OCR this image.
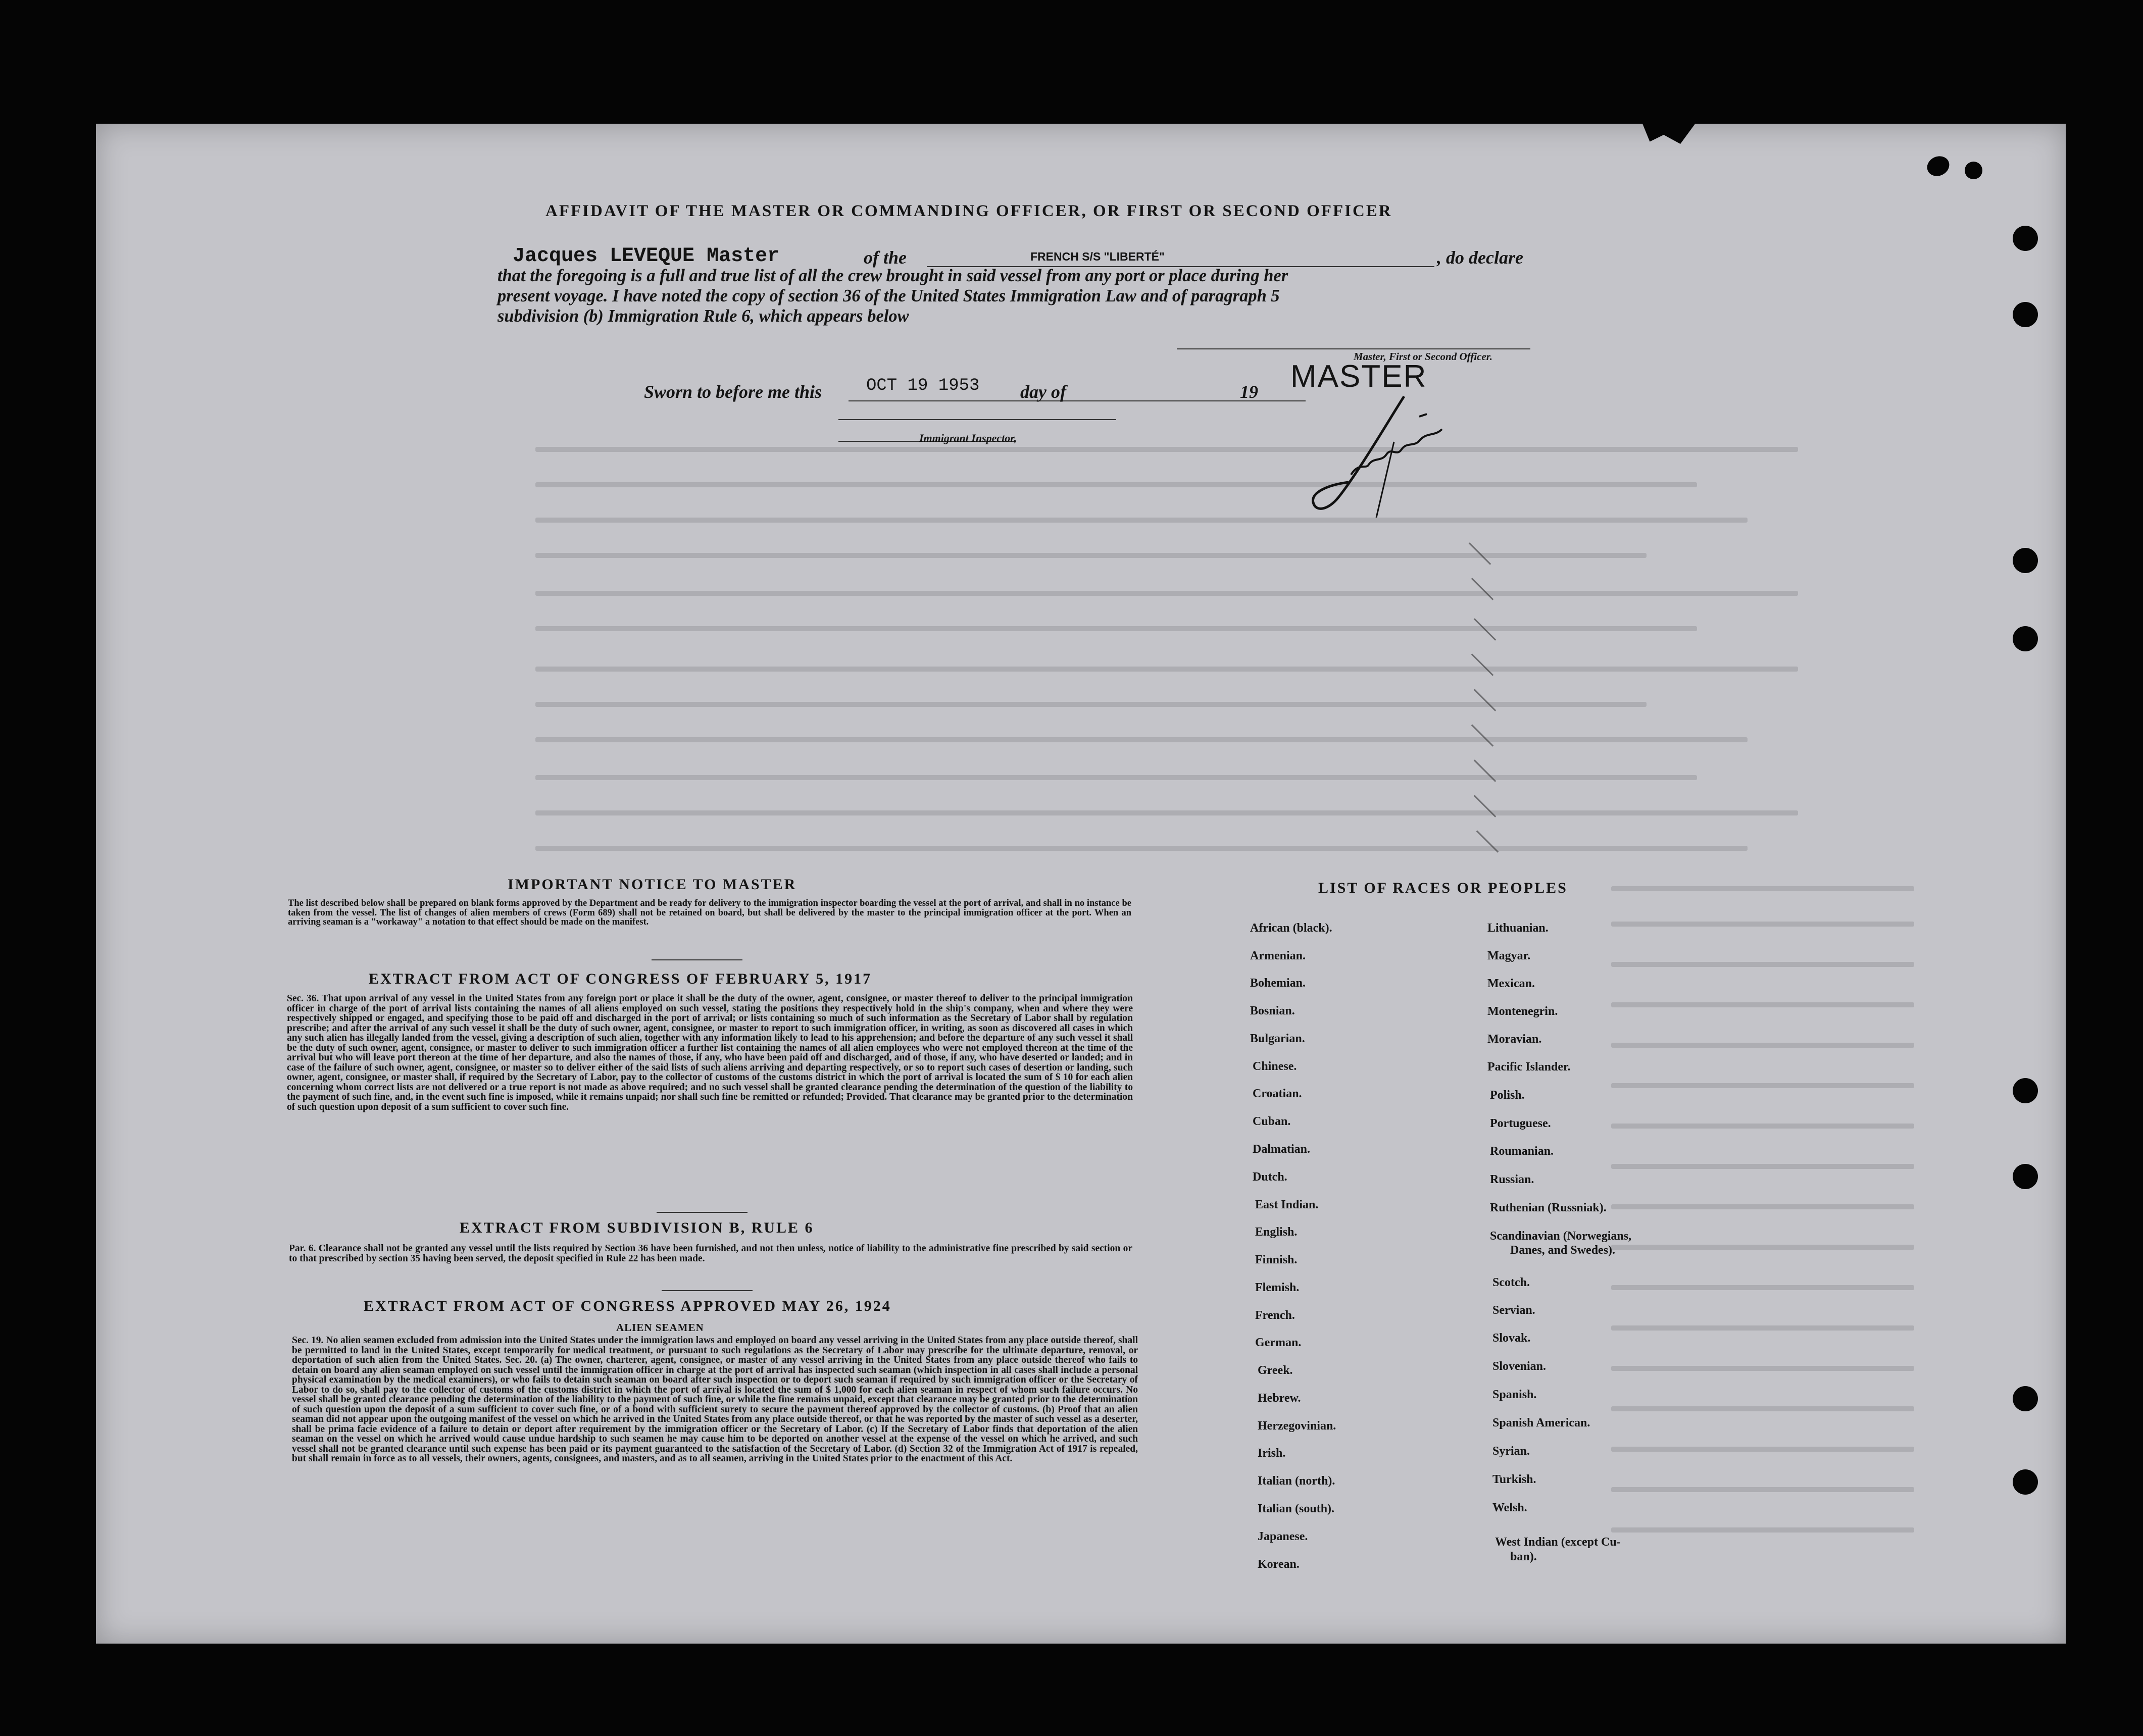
AFFIDAVIT OF THE MASTER OR COMMANDING OFFICER, OR FIRST OR SECOND OFFICER
Jacques LEVEQUE Master	of the	FRENCH S/S "LIBERTÉ"	, do declare
that the foregoing is a full and true list of all the crew brought in said vessel from any port or place during her
present voyage. I have noted the copy of section 36 of the United States Immigration Law and of paragraph 5
subdivision (b) Immigration Rule 6, which appears below
Master, First or Second Officer.
MASTER
Sworn to before me this	OCT 19 1953 day of	19
Immigrant Inspector,
IMPORTANT NOTICE TO MASTER
The list described below shall be prepared on blank forms approved by the Department and be ready for delivery to the immigration inspector boarding the vessel at the port of arrival, and shall in no instance be taken from the vessel. The list of changes of alien members of crews (Form 689) shall not be retained on board, but shall be delivered by the master to the principal immigration officer at the port. When an arriving seaman is a "workaway" a notation to that effect should be made on the manifest.
EXTRACT FROM ACT OF CONGRESS OF FEBRUARY 5, 1917
Sec. 36. That upon arrival of any vessel in the United States from any foreign port or place it shall be the duty of the owner, agent, consignee, or master thereof to deliver to the principal immigration officer in charge of the port of arrival lists containing the names of all aliens employed on such vessel, stating the positions they respectively hold in the ship's company, when and where they were respectively shipped or engaged, and specifying those to be paid off and discharged in the port of arrival; or lists containing so much of such information as the Secretary of Labor shall by regulation prescribe; and after the arrival of any such vessel it shall be the duty of such owner, agent, consignee, or master to report to such immigration officer, in writing, as soon as discovered all cases in which any such alien has illegally landed from the vessel, giving a description of such alien, together with any information likely to lead to his apprehension; and before the departure of any such vessel it shall be the duty of such owner, agent, consignee, or master to deliver to such immigration officer a further list containing the names of all alien employees who were not employed thereon at the time of the arrival but who will leave port thereon at the time of her departure, and also the names of those, if any, who have been paid off and discharged, and of those, if any, who have deserted or landed; and in case of the failure of such owner, agent, consignee, or master so to deliver either of the said lists of such aliens arriving and departing respectively, or so to report such cases of desertion or landing, such owner, agent, consignee, or master shall, if required by the Secretary of Labor, pay to the collector of customs of the customs district in which the port of arrival is located the sum of $ 10 for each alien concerning whom correct lists are not delivered or a true report is not made as above required; and no such vessel shall be granted clearance pending the determination of the question of the liability to the payment of such fine, and, in the event such fine is imposed, while it remains unpaid; nor shall such fine be remitted or refunded; Provided. That clearance may be granted prior to the determination of such question upon deposit of a sum sufficient to cover such fine.
EXTRACT FROM SUBDIVISION B, RULE 6
Par. 6. Clearance shall not be granted any vessel until the lists required by Section 36 have been furnished, and not then unless, notice of liability to the administrative fine prescribed by said section or to that prescribed by section 35 having been served, the deposit specified in Rule 22 has been made.
EXTRACT FROM ACT OF CONGRESS APPROVED MAY 26, 1924
ALIEN SEAMEN
Sec. 19. No alien seamen excluded from admission into the United States under the immigration laws and employed on board any vessel arriving in the United States from any place outside thereof, shall be permitted to land in the United States, except temporarily for medical treatment, or pursuant to such regulations as the Secretary of Labor may prescribe for the ultimate departure, removal, or deportation of such alien from the United States. Sec. 20. (a) The owner, charterer, agent, consignee, or master of any vessel arriving in the United States from any place outside thereof who fails to detain on board any alien seaman employed on such vessel until the immigration officer in charge at the port of arrival has inspected such seaman (which inspection in all cases shall include a personal physical examination by the medical examiners), or who fails to detain such seaman on board after such inspection or to deport such seaman if required by such immigration officer or the Secretary of Labor to do so, shall pay to the collector of customs of the customs district in which the port of arrival is located the sum of $ 1,000 for each alien seaman in respect of whom such failure occurs. No vessel shall be granted clearance pending the determination of the liability to the payment of such fine, or while the fine remains unpaid, except that clearance may be granted prior to the determination of such question upon the deposit of a sum sufficient to cover such fine, or of a bond with sufficient surety to secure the payment thereof approved by the collector of customs. (b) Proof that an alien seaman did not appear upon the outgoing manifest of the vessel on which he arrived in the United States from any place outside thereof, or that he was reported by the master of such vessel as a deserter, shall be prima facie evidence of a failure to detain or deport after requirement by the immigration officer or the Secretary of Labor. (c) If the Secretary of Labor finds that deportation of the alien seaman on the vessel on which he arrived would cause undue hardship to such seamen he may cause him to be deported on another vessel at the expense of the vessel on which he arrived, and such vessel shall not be granted clearance until such expense has been paid or its payment guaranteed to the satisfaction of the Secretary of Labor. (d) Section 32 of the Immigration Act of 1917 is repealed, but shall remain in force as to all vessels, their owners, agents, consignees, and masters, and as to all seamen, arriving in the United States prior to the enactment of this Act.
LIST OF RACES OR PEOPLES
African (black).
Armenian.
Bohemian.
Bosnian.
Bulgarian.
Chinese.
Croatian.
Cuban.
Dalmatian.
Dutch.
East Indian.
English.
Finnish.
Flemish.
French.
German.
Greek.
Hebrew.
Herzegovinian.
Irish.
Italian (north).
Italian (south).
Japanese.
Korean.
Lithuanian.
Magyar.
Mexican.
Montenegrin.
Moravian.
Pacific Islander.
Polish.
Portuguese.
Roumanian.
Russian.
Ruthenian (Russniak).
Scandinavian (Norwegians,
Danes, and Swedes).
Scotch.
Servian.
Slovak.
Slovenian.
Spanish.
Spanish American.
Syrian.
Turkish.
Welsh.
West Indian (except Cu-
ban).
